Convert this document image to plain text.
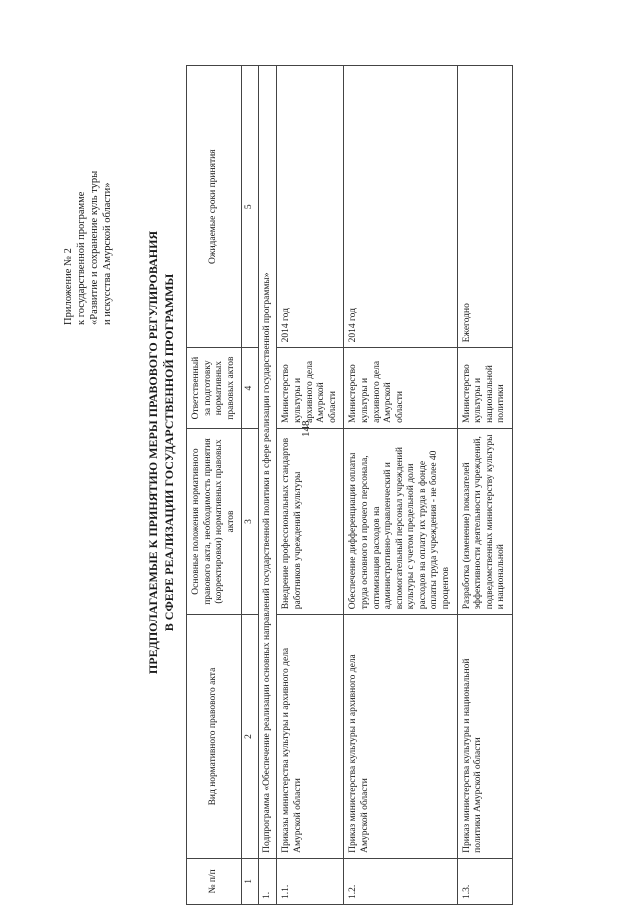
148
Приложение № 2 к государственной программе «Развитие и сохранение куль туры и искусства Амурской области»	ПРЕДПОЛАГАЕМЫЕ К ПРИНЯТИЮ МЕРЫ ПРАВОВОГО РЕГУЛИРОВАНИЯ В СФЕРЕ РЕАЛИЗАЦИИ ГОСУДАРСТВЕННОЙ ПРОГРАММЫ
№ п/п	Вид нормативного правового акта	Основные положения нормативного правового акта, необходимость принятия (корректировки) нормативных правовых актов	Ответственный за подготовку нормативных правовых актов	Ожидаемые сроки принятия
1	2	3	4	5
1.	Подпрограмма «Обеспечение реализации основных направлений государственной политики в сфере реализации государственной программы»			
1.1.	Приказы министерства культуры и архивного дела Амурской области	Внедрение профессиональных стандартов работников учреждений культуры	Министерство культуры и архивного дела Амурской области	2014 год
1.2.	Приказ министерства культуры и архивного дела Амурской области	Обеспечение дифференциации оплаты труда основного и прочего персонала, оптимизация расходов на административно-управленческий и вспомогательный персонал учреждений культуры с учетом предельной доли расходов на оплату их труда в фонде оплаты труда учреждения - не более 40 процентов	Министерство культуры и архивного дела Амурской области	2014 год
1.3.	Приказ министерства культуры и национальной политики Амурской области	Разработка (изменение) показателей эффективности деятельности учреждений, подведомственных министерству культуры и национальной	Министерство культуры и национальной политики	Ежегодно
